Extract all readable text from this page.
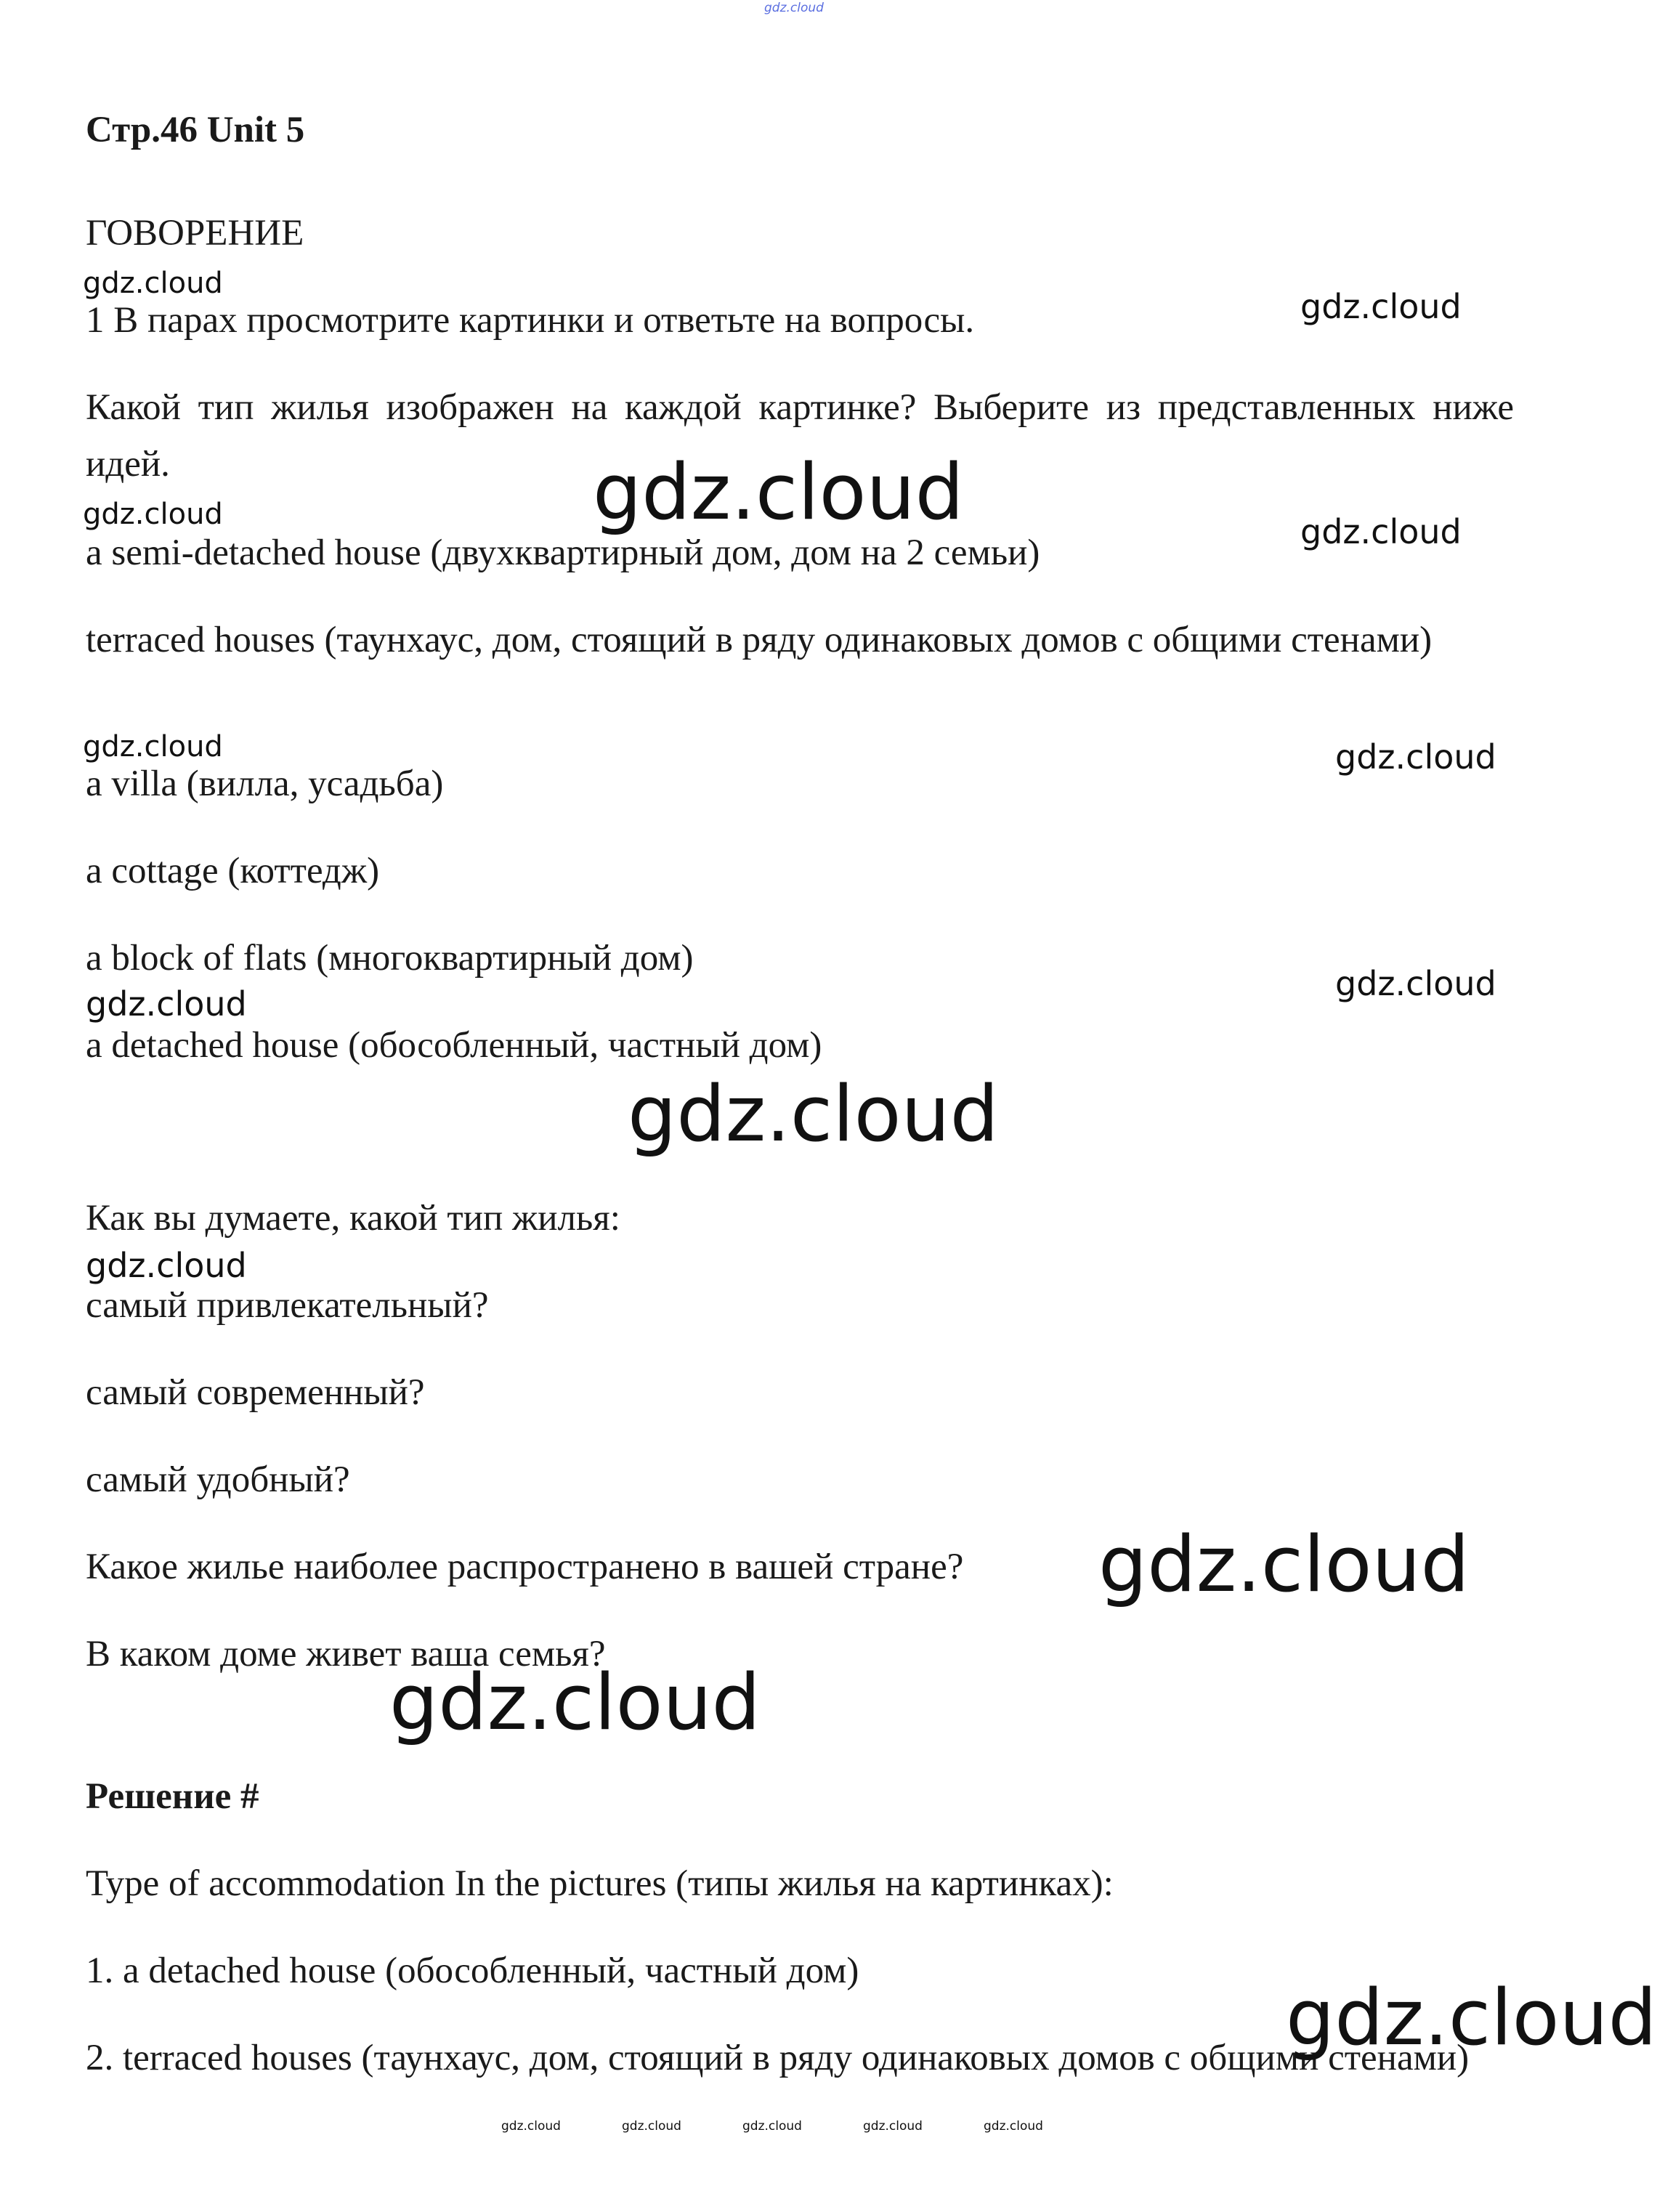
gdz.cloud
Стр.46 Unit 5
ГОВОРЕНИЕ
1 В парах просмотрите картинки и ответьте на вопросы.
Какой тип жилья изображен на каждой картинке? Выберите из представленных ниже идей.
a semi-detached house (двухквартирный дом, дом на 2 семьи)
terraced houses (таунхаус, дом, стоящий в ряду одинаковых домов с общими стенами)
a villa (вилла, усадьба)
a cottage (коттедж)
a block of flats (многоквартирный дом)
a detached house (обособленный, частный дом)
Как вы думаете, какой тип жилья:
самый привлекательный?
самый современный?
самый удобный?
Какое жилье наиболее распространено в вашей стране?
В каком доме живет ваша семья?
Решение #
Type of accommodation In the pictures (типы жилья на картинках):
1. a detached house (обособленный, частный дом)
2. terraced houses (таунхаус, дом, стоящий в ряду одинаковых домов с общими стенами)
gdz.cloud
gdz.cloud
gdz.cloud
gdz.cloud	gdz.cloud
gdz.cloud	gdz.cloud
gdz.cloud
gdz.cloud
gdz.cloud
gdz.cloud
gdz.cloud
gdz.cloud
gdz.cloud
gdz.cloud	gdz.cloud	gdz.cloud	gdz.cloud	gdz.cloud
